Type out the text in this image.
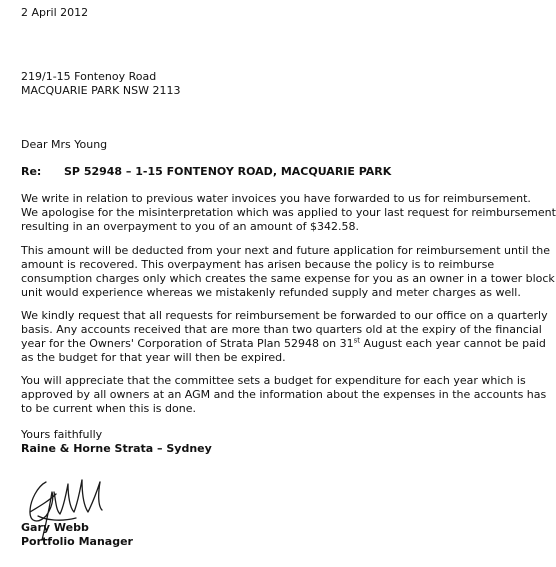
2 April 2012
219/1-15 Fontenoy Road
MACQUARIE PARK NSW 2113
Dear Mrs Young
Re: SP 52948 – 1-15 FONTENOY ROAD, MACQUARIE PARK
We write in relation to previous water invoices you have forwarded to us for reimbursement.
We apologise for the misinterpretation which was applied to your last request for reimbursement
resulting in an overpayment to you of an amount of $342.58.
This amount will be deducted from your next and future application for reimbursement until the
amount is recovered. This overpayment has arisen because the policy is to reimburse
consumption charges only which creates the same expense for you as an owner in a tower block
unit would experience whereas we mistakenly refunded supply and meter charges as well.
We kindly request that all requests for reimbursement be forwarded to our office on a quarterly
basis. Any accounts received that are more than two quarters old at the expiry of the financial
year for the Owners' Corporation of Strata Plan 52948 on 31st August each year cannot be paid
as the budget for that year will then be expired.
You will appreciate that the committee sets a budget for expenditure for each year which is
approved by all owners at an AGM and the information about the expenses in the accounts has
to be current when this is done.
Yours faithfully
Raine & Horne Strata – Sydney
Gary Webb
Portfolio Manager
